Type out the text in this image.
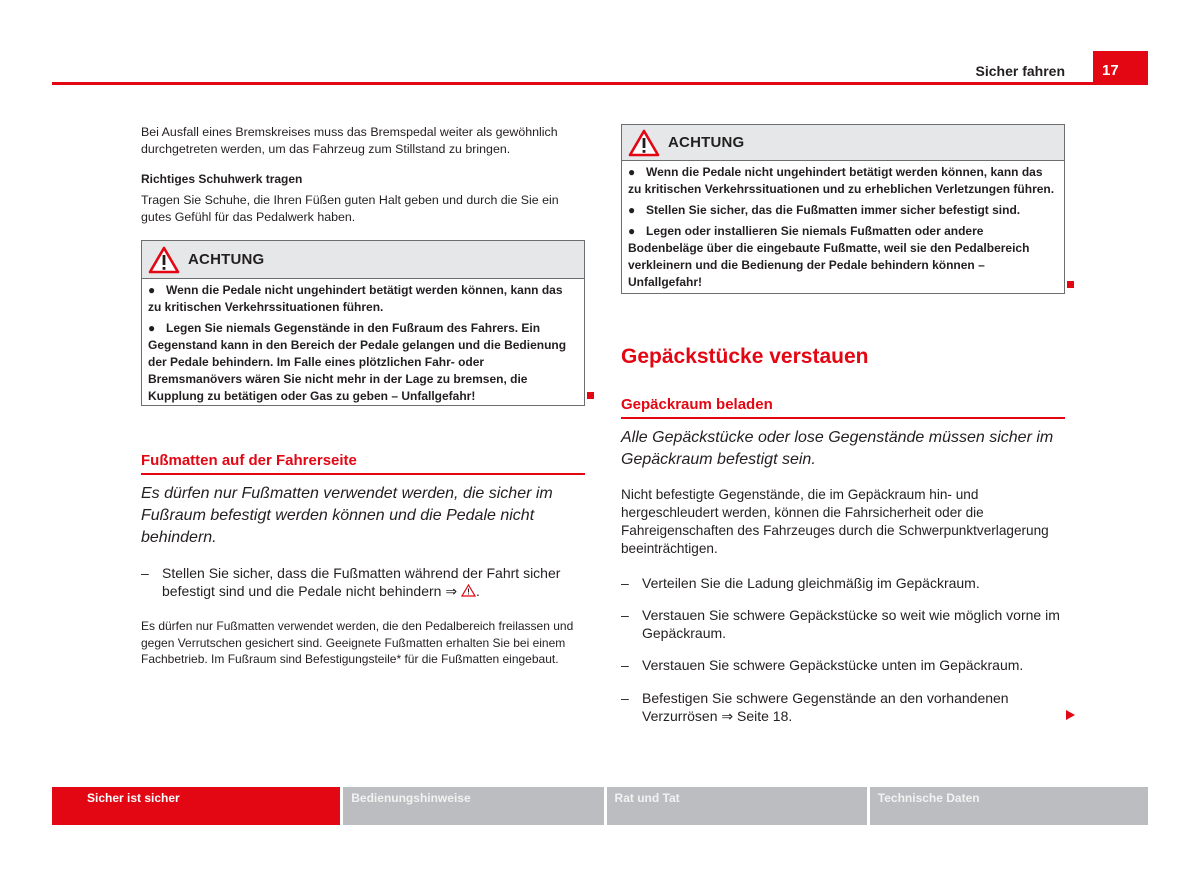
Sicher fahren	17
Bei Ausfall eines Bremskreises muss das Bremspedal weiter als gewöhnlich durchgetreten werden, um das Fahrzeug zum Stillstand zu bringen.
Richtiges Schuhwerk tragen
Tragen Sie Schuhe, die Ihren Füßen guten Halt geben und durch die Sie ein gutes Gefühl für das Pedalwerk haben.
ACHTUNG
● Wenn die Pedale nicht ungehindert betätigt werden können, kann das zu kritischen Verkehrssituationen führen.
● Legen Sie niemals Gegenstände in den Fußraum des Fahrers. Ein Gegenstand kann in den Bereich der Pedale gelangen und die Bedienung der Pedale behindern. Im Falle eines plötzlichen Fahr- oder Bremsmanövers wären Sie nicht mehr in der Lage zu bremsen, die Kupplung zu betätigen oder Gas zu geben – Unfallgefahr!
Fußmatten auf der Fahrerseite
Es dürfen nur Fußmatten verwendet werden, die sicher im Fußraum befestigt werden können und die Pedale nicht behindern.
– Stellen Sie sicher, dass die Fußmatten während der Fahrt sicher befestigt sind und die Pedale nicht behindern ⇒ .
Es dürfen nur Fußmatten verwendet werden, die den Pedalbereich freilassen und gegen Verrutschen gesichert sind. Geeignete Fußmatten erhalten Sie bei einem Fachbetrieb. Im Fußraum sind Befestigungsteile* für die Fußmatten eingebaut.
ACHTUNG
● Wenn die Pedale nicht ungehindert betätigt werden können, kann das zu kritischen Verkehrssituationen und zu erheblichen Verletzungen führen.
● Stellen Sie sicher, das die Fußmatten immer sicher befestigt sind.
● Legen oder installieren Sie niemals Fußmatten oder andere Bodenbeläge über die eingebaute Fußmatte, weil sie den Pedalbereich verkleinern und die Bedienung der Pedale behindern können – Unfallgefahr!
Gepäckstücke verstauen
Gepäckraum beladen
Alle Gepäckstücke oder lose Gegenstände müssen sicher im Gepäckraum befestigt sein.
Nicht befestigte Gegenstände, die im Gepäckraum hin- und hergeschleudert werden, können die Fahrsicherheit oder die Fahreigenschaften des Fahrzeuges durch die Schwerpunktverlagerung beeinträchtigen.
– Verteilen Sie die Ladung gleichmäßig im Gepäckraum.
– Verstauen Sie schwere Gepäckstücke so weit wie möglich vorne im Gepäckraum.
– Verstauen Sie schwere Gepäckstücke unten im Gepäckraum.
– Befestigen Sie schwere Gegenstände an den vorhandenen Verzurrösen ⇒ Seite 18.
Sicher ist sicher	Bedienungshinweise	Rat und Tat	Technische Daten
